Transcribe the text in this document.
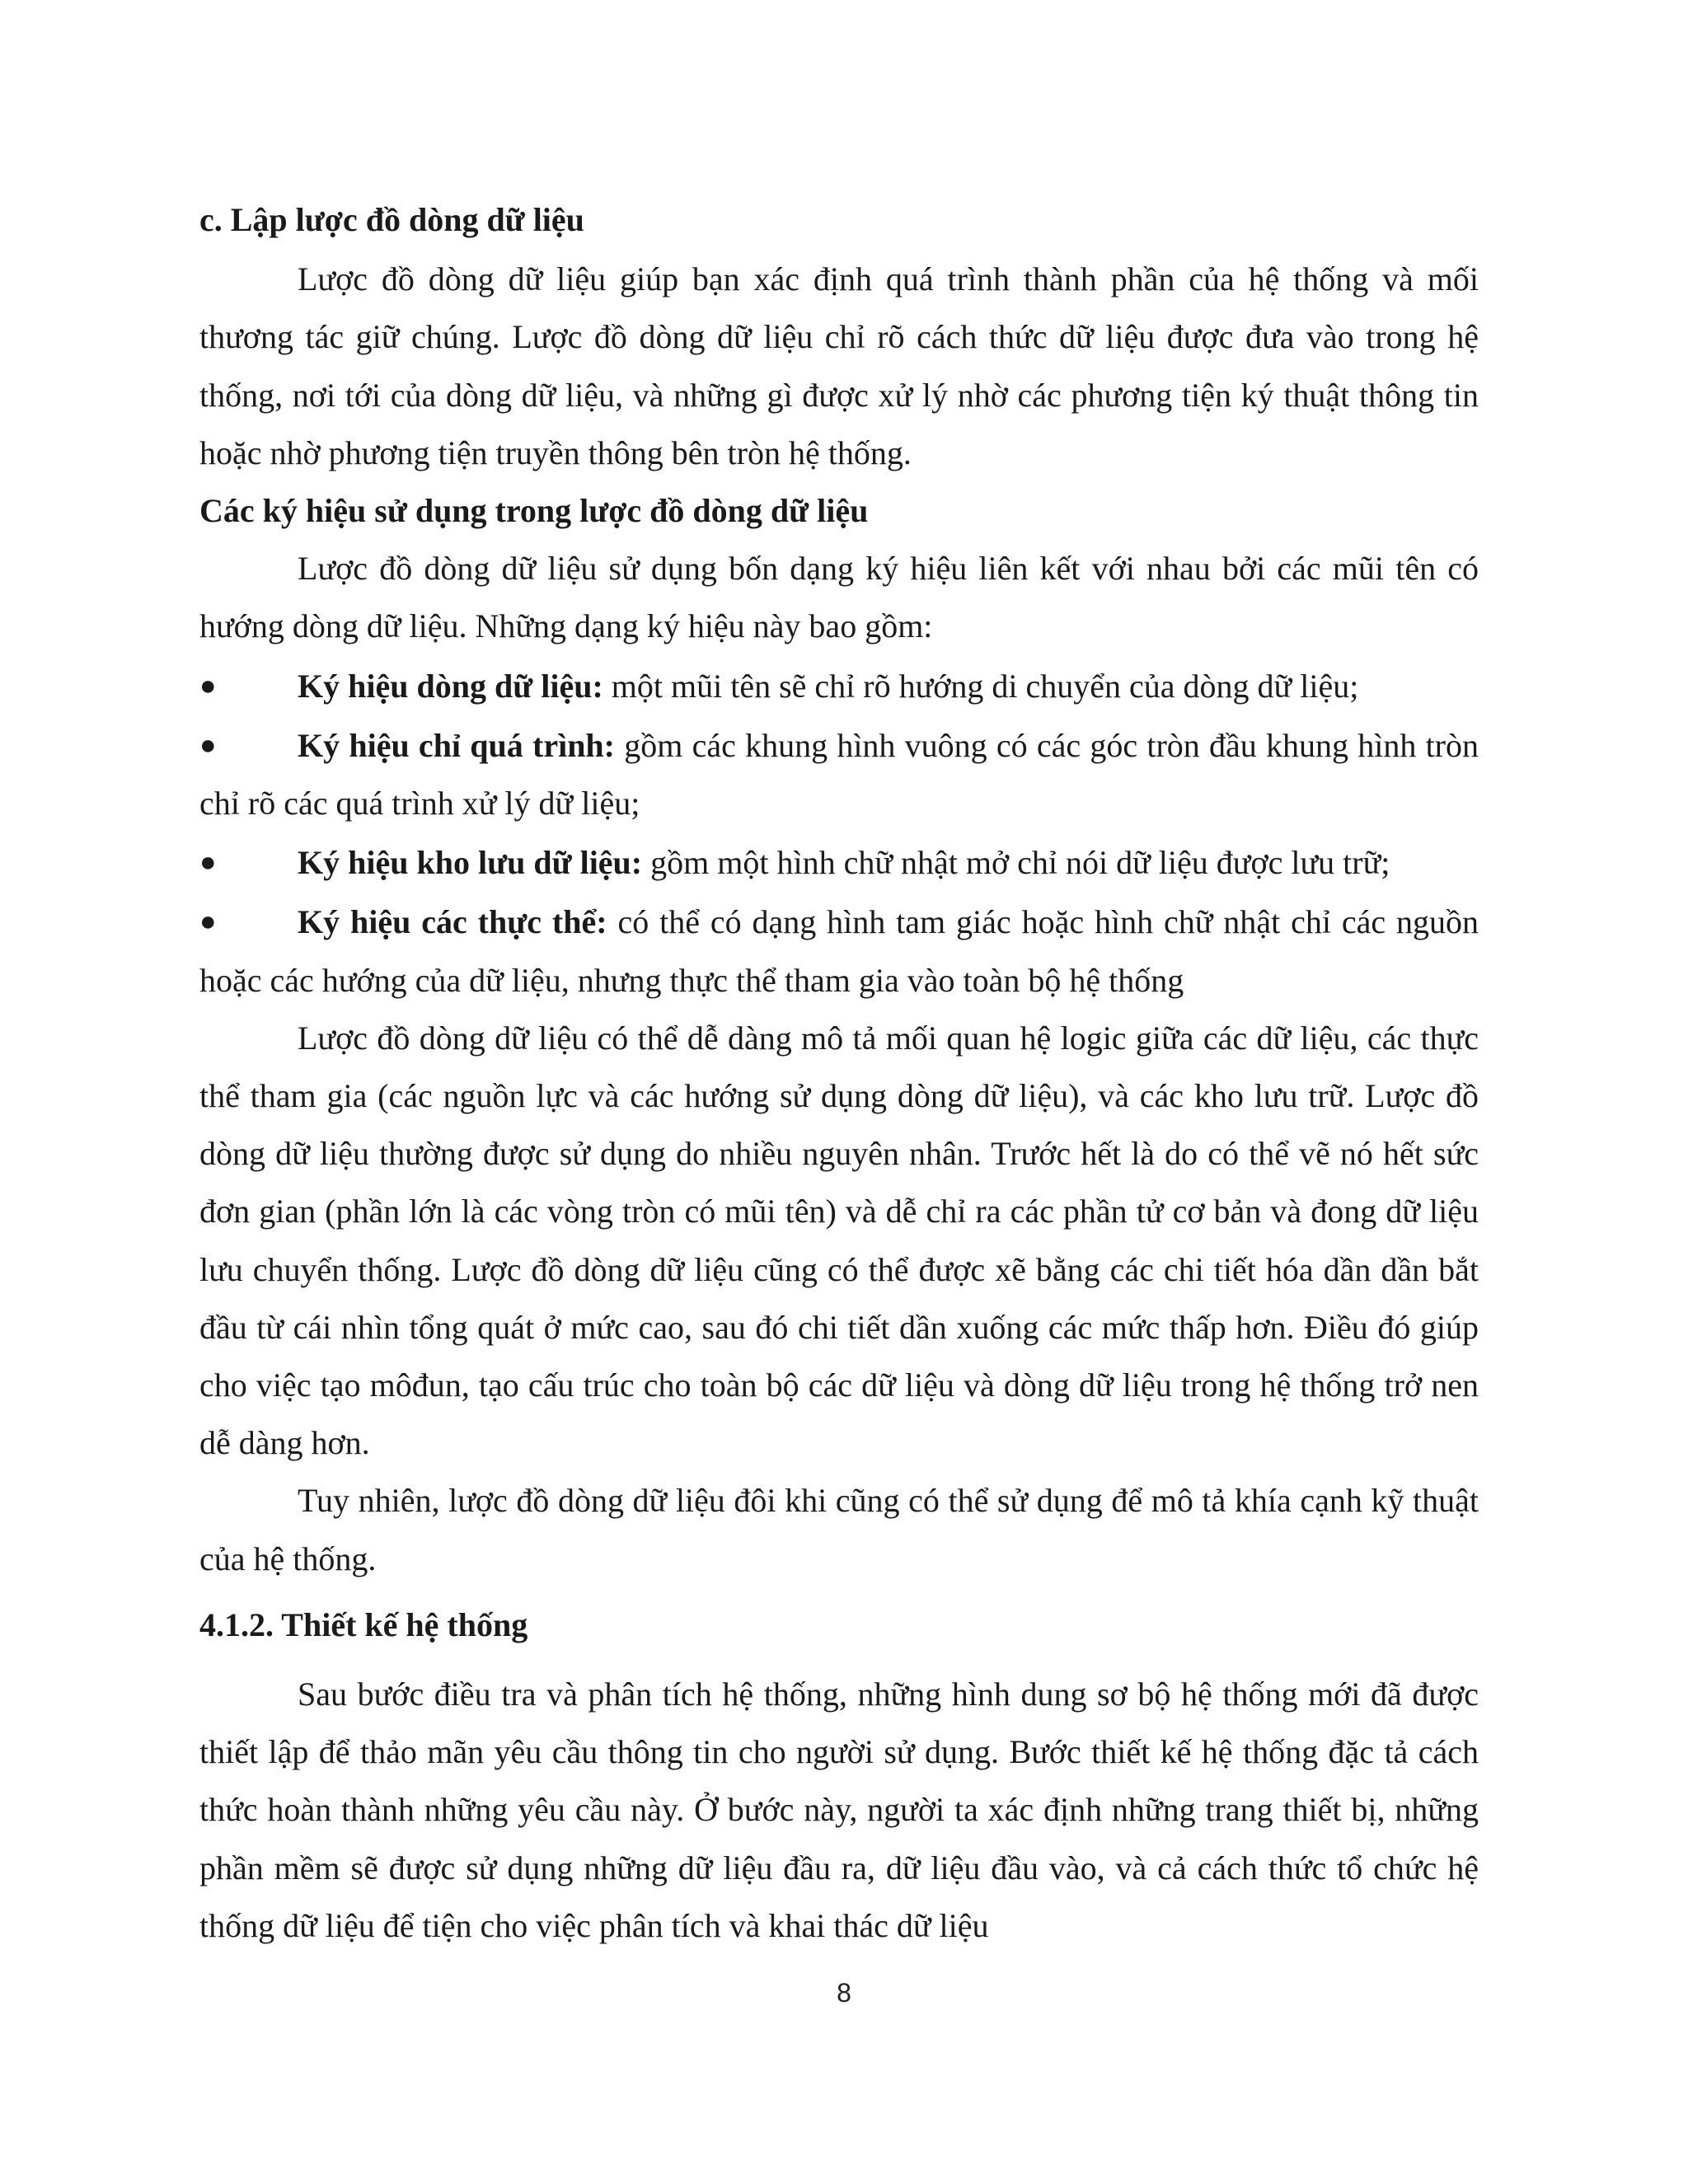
c. Lập lược đồ dòng dữ liệu

Lược đồ dòng dữ liệu giúp bạn xác định quá trình thành phần của hệ thống và mối thương tác giữ chúng. Lược đồ dòng dữ liệu chỉ rõ cách thức dữ liệu được đưa vào trong hệ thống, nơi tới của dòng dữ liệu, và những gì được xử lý nhờ các phương tiện ký thuật thông tin hoặc nhờ phương tiện truyền thông bên tròn hệ thống.

Các ký hiệu sử dụng trong lược đồ dòng dữ liệu

Lược đồ dòng dữ liệu sử dụng bốn dạng ký hiệu liên kết với nhau bởi các mũi tên có hướng dòng dữ liệu. Những dạng ký hiệu này bao gồm:

●	Ký hiệu dòng dữ liệu: một mũi tên sẽ chỉ rõ hướng di chuyển của dòng dữ liệu;
●	Ký hiệu chỉ quá trình: gồm các khung hình vuông có các góc tròn đầu khung hình tròn chỉ rõ các quá trình xử lý dữ liệu;
●	Ký hiệu kho lưu dữ liệu: gồm một hình chữ nhật mở chỉ nói dữ liệu được lưu trữ;
●	Ký hiệu các thực thể: có thể có dạng hình tam giác hoặc hình chữ nhật chỉ các nguồn hoặc các hướng của dữ liệu, nhưng thực thể tham gia vào toàn bộ hệ thống

Lược đồ dòng dữ liệu có thể dễ dàng mô tả mối quan hệ logic giữa các dữ liệu, các thực thể tham gia (các nguồn lực và các hướng sử dụng dòng dữ liệu), và các kho lưu trữ. Lược đồ dòng dữ liệu thường được sử dụng do nhiều nguyên nhân. Trước hết là do có thể vẽ nó hết sức đơn gian (phần lớn là các vòng tròn có mũi tên) và dễ chỉ ra các phần tử cơ bản và đong dữ liệu lưu chuyển thống. Lược đồ dòng dữ liệu cũng có thể được xẽ bằng các chi tiết hóa dần dần bắt đầu từ cái nhìn tổng quát ở mức cao, sau đó chi tiết dần xuống các mức thấp hơn. Điều đó giúp cho việc tạo môđun, tạo cấu trúc cho toàn bộ các dữ liệu và dòng dữ liệu trong hệ thống trở nen dễ dàng hơn.

Tuy nhiên, lược đồ dòng dữ liệu đôi khi cũng có thể sử dụng để mô tả khía cạnh kỹ thuật của hệ thống.

4.1.2. Thiết kế hệ thống

Sau bước điều tra và phân tích hệ thống, những hình dung sơ bộ hệ thống mới đã được thiết lập để thảo mãn yêu cầu thông tin cho người sử dụng. Bước thiết kế hệ thống đặc tả cách thức hoàn thành những yêu cầu này. Ở bước này, người ta xác định những trang thiết bị, những phần mềm sẽ được sử dụng những dữ liệu đầu ra, dữ liệu đầu vào, và cả cách thức tổ chức hệ thống dữ liệu để tiện cho việc phân tích và khai thác dữ liệu

8
